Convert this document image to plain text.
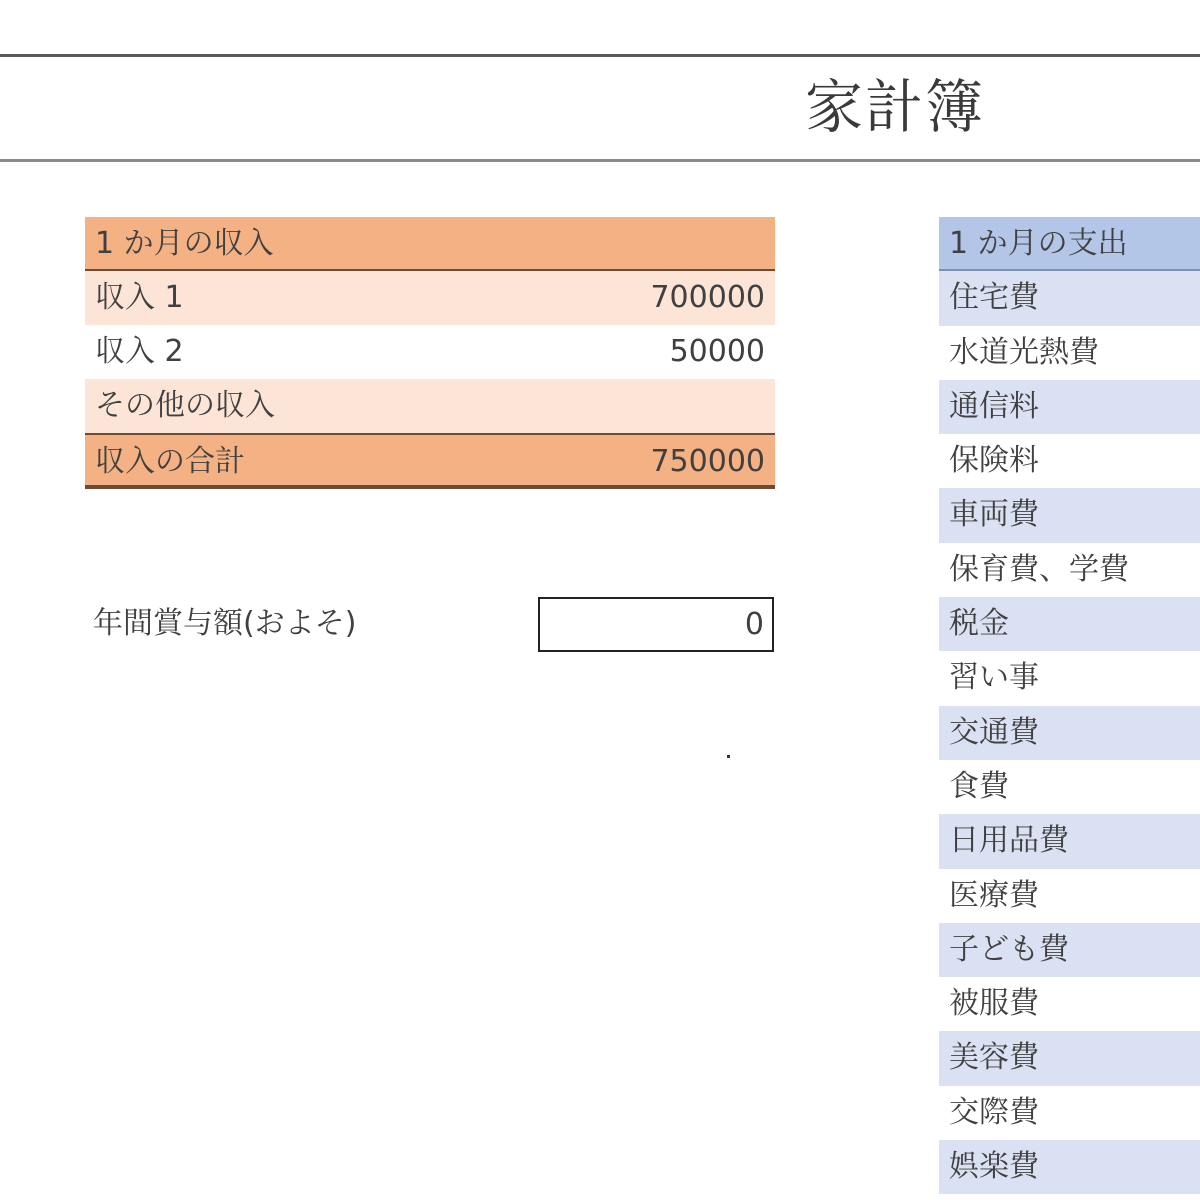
家計簿
1 か月の収入
収入 1	700000
収入 2	50000
その他の収入
収入の合計	750000
年間賞与額(およそ)	0
1 か月の支出
住宅費
水道光熱費
通信料
保険料
車両費
保育費、学費
税金
習い事
交通費
食費
日用品費
医療費
子ども費
被服費
美容費
交際費
娯楽費
